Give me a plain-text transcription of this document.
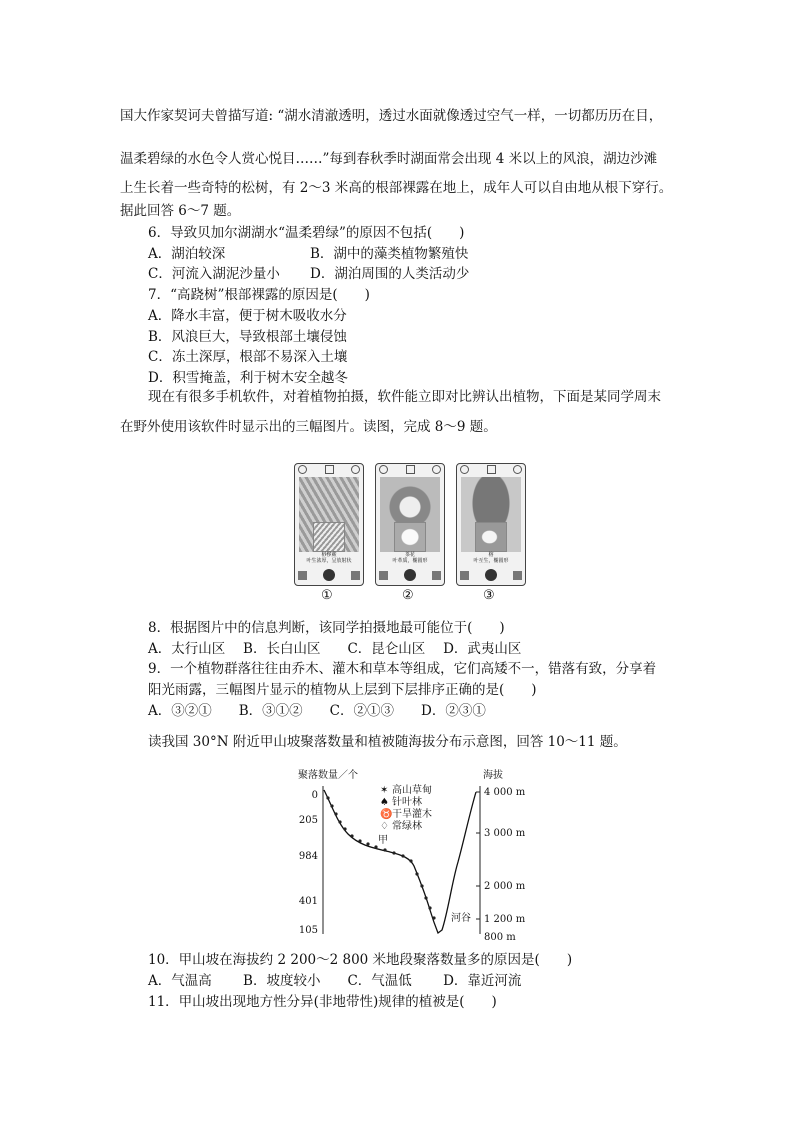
国大作家契诃夫曾描写道: “湖水清澈透明，透过水面就像透过空气一样，一切都历历在目，
温柔碧绿的水色令人赏心悦目……”每到春秋季时湖面常会出现 4 米以上的风浪，湖边沙滩
上生长着一些奇特的松树，有 2～3 米高的根部裸露在地上，成年人可以自由地从根下穿行。
据此回答 6～7 题。
6．导致贝加尔湖湖水“温柔碧绿”的原因不包括(　　)
A．湖泊较深	B．湖中的藻类植物繁殖快
C．河流入湖泥沙量小 D．湖泊周围的人类活动少
7．“高跷树”根部裸露的原因是(　　)
A．降水丰富，便于树木吸收水分
B．风浪巨大，导致根部土壤侵蚀
C．冻土深厚，根部不易深入土壤
D．积雪掩盖，利于树木安全越冬
现在有很多手机软件，对着植物拍摄，软件能立即对比辨认出植物，下面是某同学周末
在野外使用该软件时显示出的三幅图片。读图，完成 8～9 题。
桫椤蕨
叶生浓厚，呈放射状
茶花
叶革质，椭圆形
榕
叶互生，椭圆形
①	②	③
8．根据图片中的信息判断，该同学拍摄地最可能位于(　　)
A．太行山区　 B．长白山区　　C．昆仑山区　 D．武夷山区
9．一个植物群落往往由乔木、灌木和草本等组成，它们高矮不一，错落有致，分享着
阳光雨露，三幅图片显示的植物从上层到下层排序正确的是(　　)
A．③②①　　B．③①②　　C．②①③　　D．②③①
读我国 30°N 附近甲山坡聚落数量和植被随海拔分布示意图，回答 10～11 题。
聚落数量／个	海拔
0
205
984
401
105
4 000 m
3 000 m
2 000 m
1 200 m
800 m
✶ 高山草甸
♠ 针叶林
♉ 干旱灌木
♢ 常绿林
甲
河谷
10．甲山坡在海拔约 2 200～2 800 米地段聚落数量多的原因是(　　)
A．气温高　　 B．坡度较小　　C．气温低　　 D．靠近河流
11．甲山坡出现地方性分异(非地带性)规律的植被是(　　)
